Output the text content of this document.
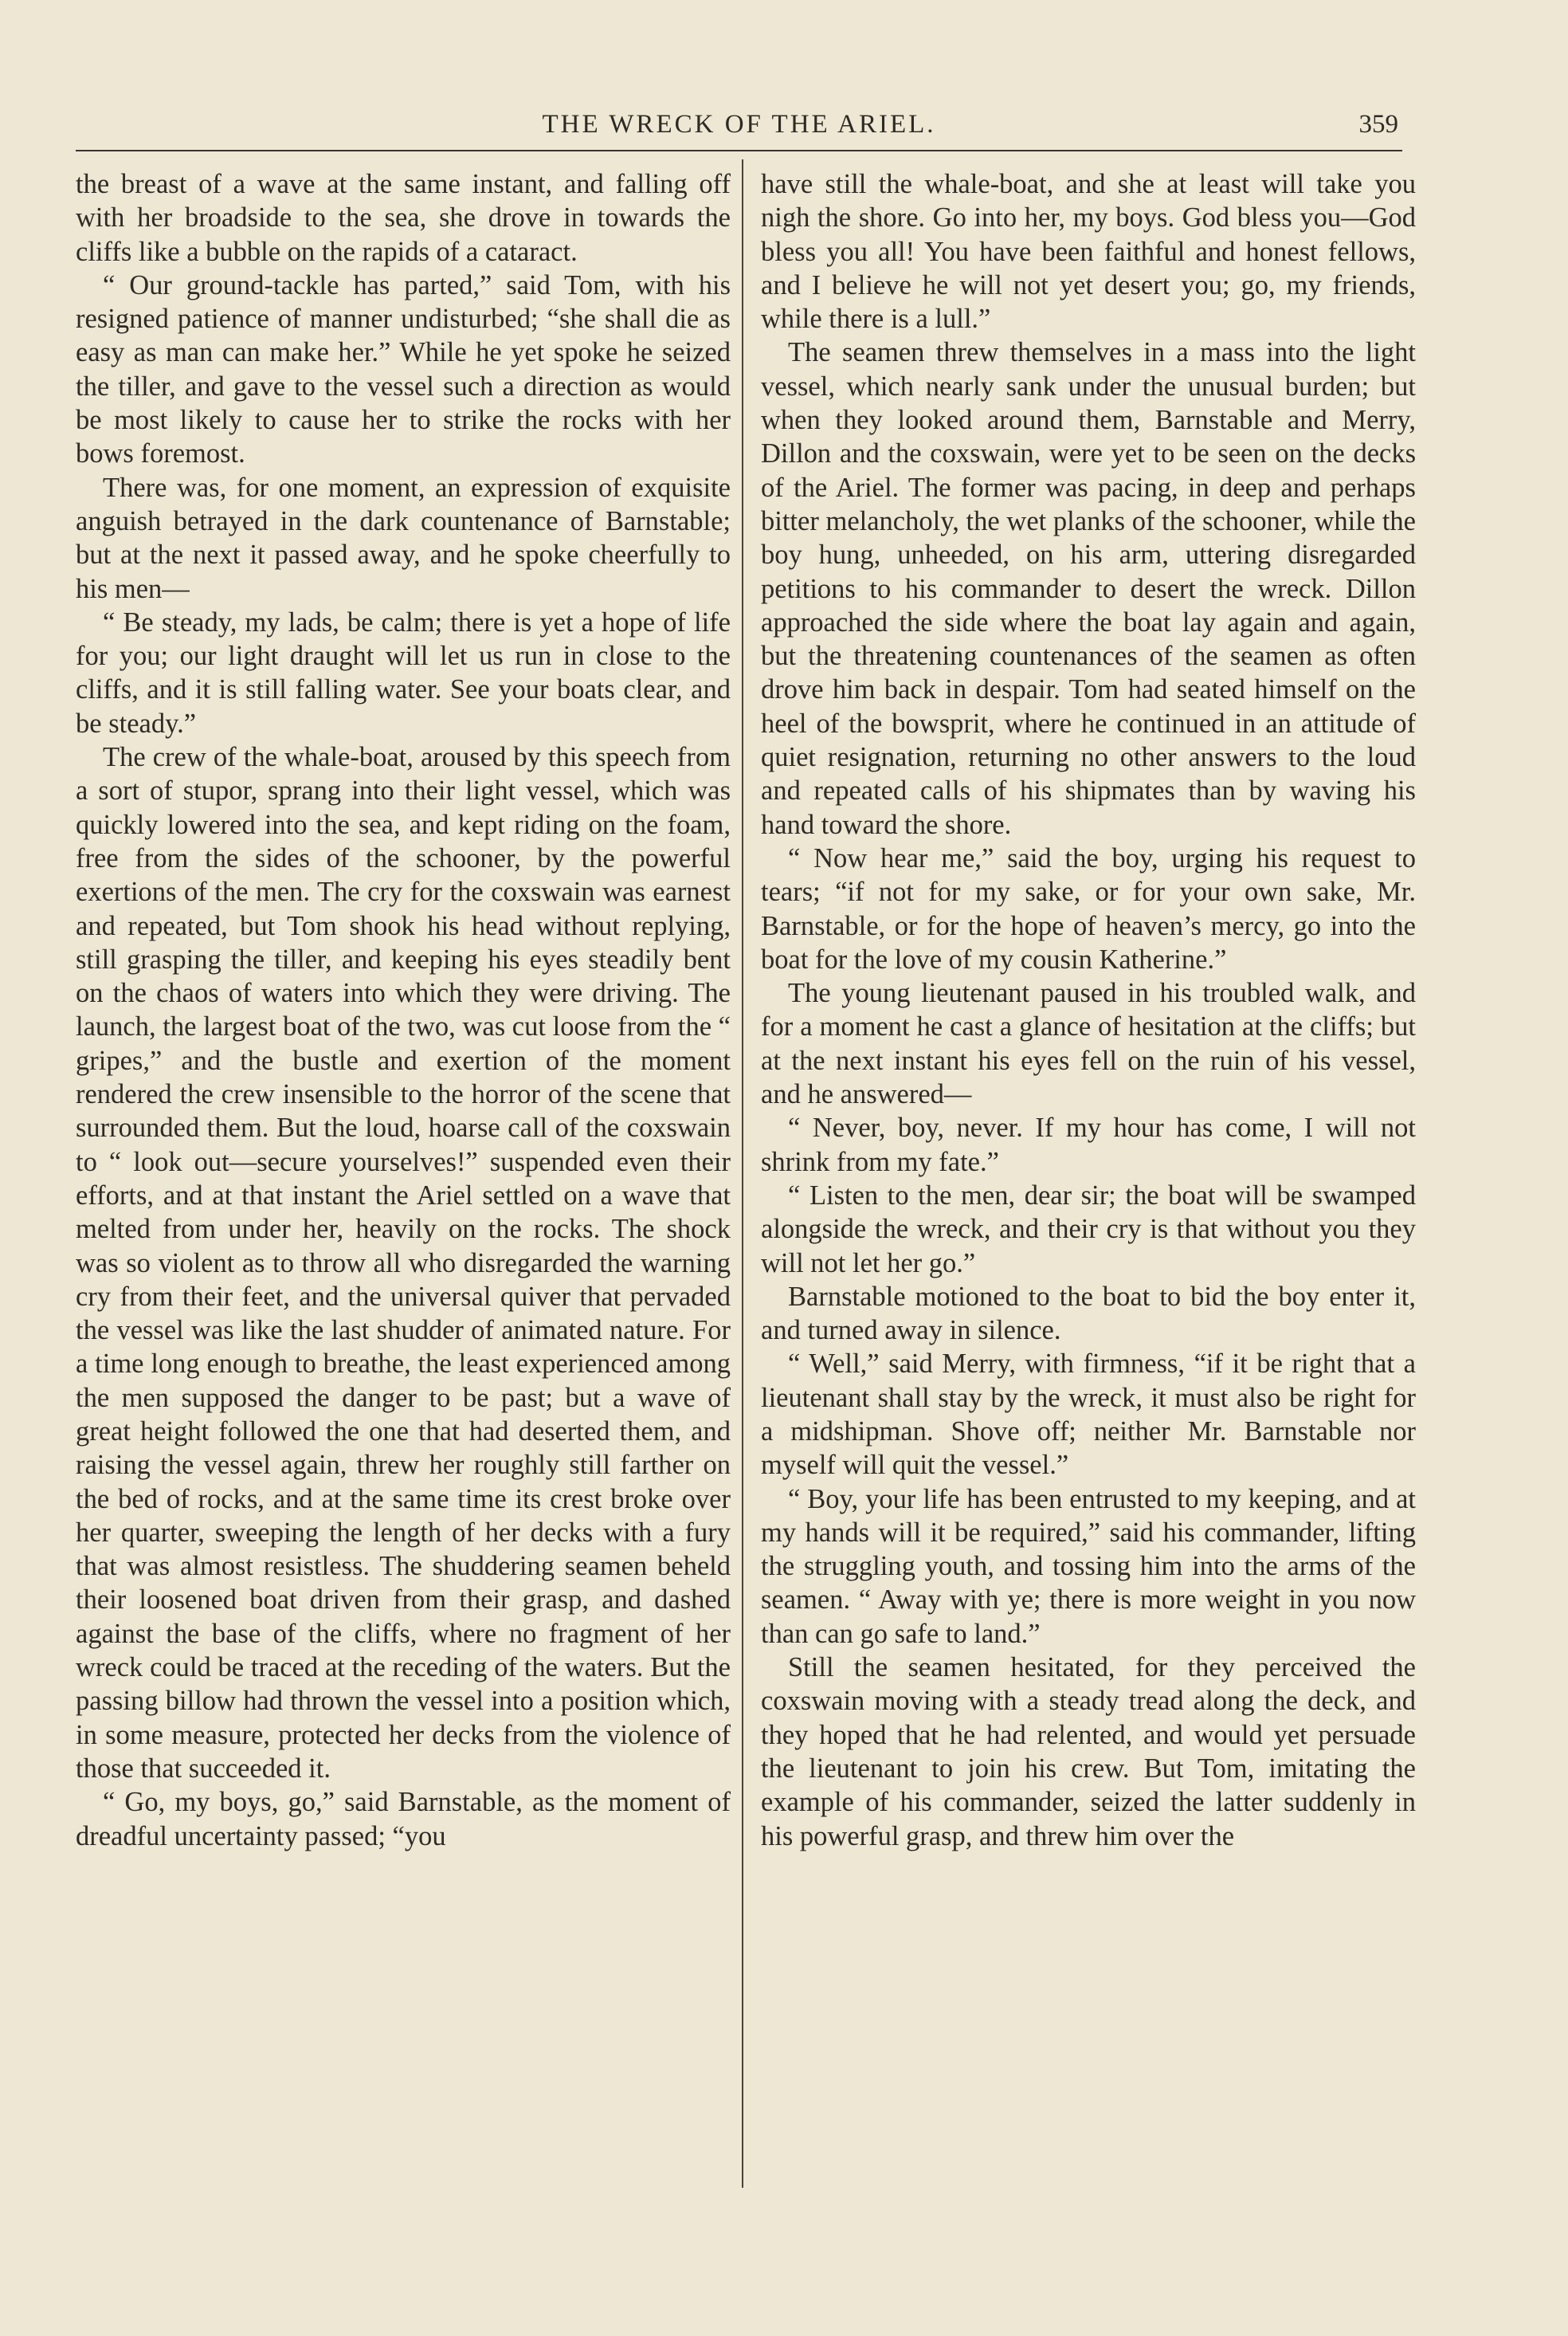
THE WRECK OF THE ARIEL.	359

the breast of a wave at the same instant, and falling off with her broadside to the sea, she drove in towards the cliffs like a bubble on the rapids of a cataract.

“ Our ground-tackle has parted,” said Tom, with his resigned patience of manner undisturbed; “she shall die as easy as man can make her.” While he yet spoke he seized the tiller, and gave to the vessel such a direction as would be most likely to cause her to strike the rocks with her bows foremost.

There was, for one moment, an expression of exquisite anguish betrayed in the dark countenance of Barnstable; but at the next it passed away, and he spoke cheerfully to his men—

“ Be steady, my lads, be calm; there is yet a hope of life for you; our light draught will let us run in close to the cliffs, and it is still falling water. See your boats clear, and be steady.”

The crew of the whale-boat, aroused by this speech from a sort of stupor, sprang into their light vessel, which was quickly lowered into the sea, and kept riding on the foam, free from the sides of the schooner, by the powerful exertions of the men. The cry for the coxswain was earnest and repeated, but Tom shook his head without replying, still grasping the tiller, and keeping his eyes steadily bent on the chaos of waters into which they were driving. The launch, the largest boat of the two, was cut loose from the “ gripes,” and the bustle and exertion of the moment rendered the crew insensible to the horror of the scene that surrounded them. But the loud, hoarse call of the coxswain to “ look out—secure yourselves!” suspended even their efforts, and at that instant the Ariel settled on a wave that melted from under her, heavily on the rocks. The shock was so violent as to throw all who disregarded the warning cry from their feet, and the universal quiver that pervaded the vessel was like the last shudder of animated nature. For a time long enough to breathe, the least experienced among the men supposed the danger to be past; but a wave of great height followed the one that had deserted them, and raising the vessel again, threw her roughly still farther on the bed of rocks, and at the same time its crest broke over her quarter, sweeping the length of her decks with a fury that was almost resistless. The shuddering seamen beheld their loosened boat driven from their grasp, and dashed against the base of the cliffs, where no fragment of her wreck could be traced at the receding of the waters. But the passing billow had thrown the vessel into a position which, in some measure, protected her decks from the violence of those that succeeded it.

“ Go, my boys, go,” said Barnstable, as the moment of dreadful uncertainty passed; “you

have still the whale-boat, and she at least will take you nigh the shore. Go into her, my boys. God bless you—God bless you all! You have been faithful and honest fellows, and I believe he will not yet desert you; go, my friends, while there is a lull.”

The seamen threw themselves in a mass into the light vessel, which nearly sank under the unusual burden; but when they looked around them, Barnstable and Merry, Dillon and the coxswain, were yet to be seen on the decks of the Ariel. The former was pacing, in deep and perhaps bitter melancholy, the wet planks of the schooner, while the boy hung, unheeded, on his arm, uttering disregarded petitions to his commander to desert the wreck. Dillon approached the side where the boat lay again and again, but the threatening countenances of the seamen as often drove him back in despair. Tom had seated himself on the heel of the bowsprit, where he continued in an attitude of quiet resignation, returning no other answers to the loud and repeated calls of his shipmates than by waving his hand toward the shore.

“ Now hear me,” said the boy, urging his request to tears; “if not for my sake, or for your own sake, Mr. Barnstable, or for the hope of heaven’s mercy, go into the boat for the love of my cousin Katherine.”

The young lieutenant paused in his troubled walk, and for a moment he cast a glance of hesitation at the cliffs; but at the next instant his eyes fell on the ruin of his vessel, and he answered—

“ Never, boy, never. If my hour has come, I will not shrink from my fate.”

“ Listen to the men, dear sir; the boat will be swamped alongside the wreck, and their cry is that without you they will not let her go.”

Barnstable motioned to the boat to bid the boy enter it, and turned away in silence.

“ Well,” said Merry, with firmness, “if it be right that a lieutenant shall stay by the wreck, it must also be right for a midshipman. Shove off; neither Mr. Barnstable nor myself will quit the vessel.”

“ Boy, your life has been entrusted to my keeping, and at my hands will it be required,” said his commander, lifting the struggling youth, and tossing him into the arms of the seamen. “ Away with ye; there is more weight in you now than can go safe to land.”

Still the seamen hesitated, for they perceived the coxswain moving with a steady tread along the deck, and they hoped that he had relented, and would yet persuade the lieutenant to join his crew. But Tom, imitating the example of his commander, seized the latter suddenly in his powerful grasp, and threw him over the
